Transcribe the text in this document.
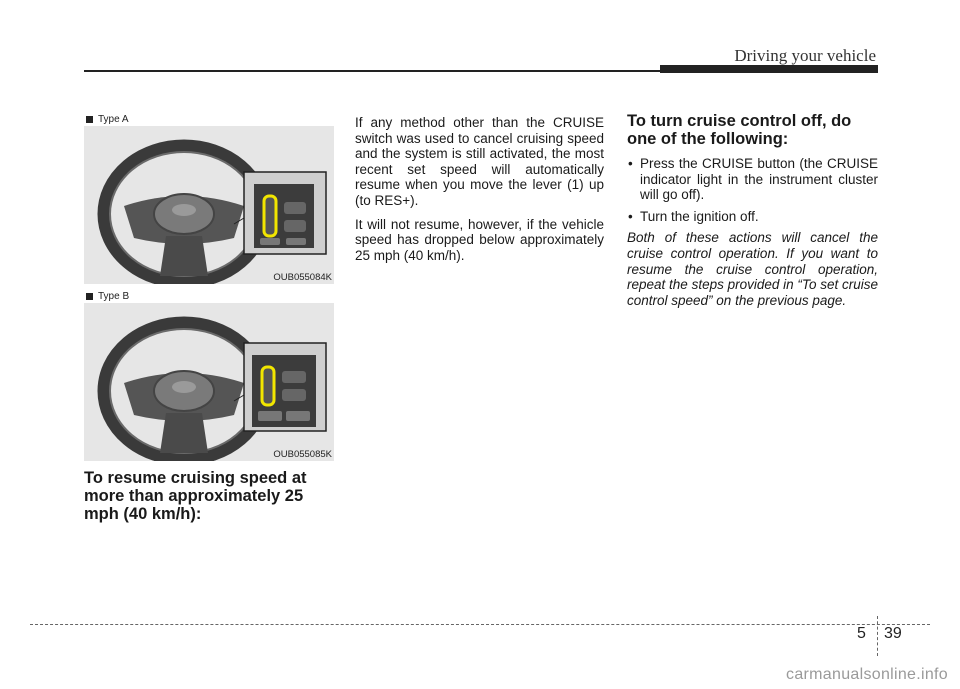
Driving your vehicle
Type A
OUB055084K
Type B
OUB055085K
To resume cruising speed at more than approximately 25 mph (40 km/h):

If any method other than the CRUISE switch was used to cancel cruising speed and the system is still activated, the most recent set speed will automatically resume when you move the lever (1) up (to RES+).

It will not resume, however, if the vehicle speed has dropped below approximately 25 mph (40 km/h).

To turn cruise control off, do one of the following:
• Press the CRUISE button (the CRUISE indicator light in the instrument cluster will go off).
• Turn the ignition off.

Both of these actions will cancel the cruise control operation. If you want to resume the cruise control operation, repeat the steps provided in “To set cruise control speed” on the previous page.

5 39
carmanualsonline.info
